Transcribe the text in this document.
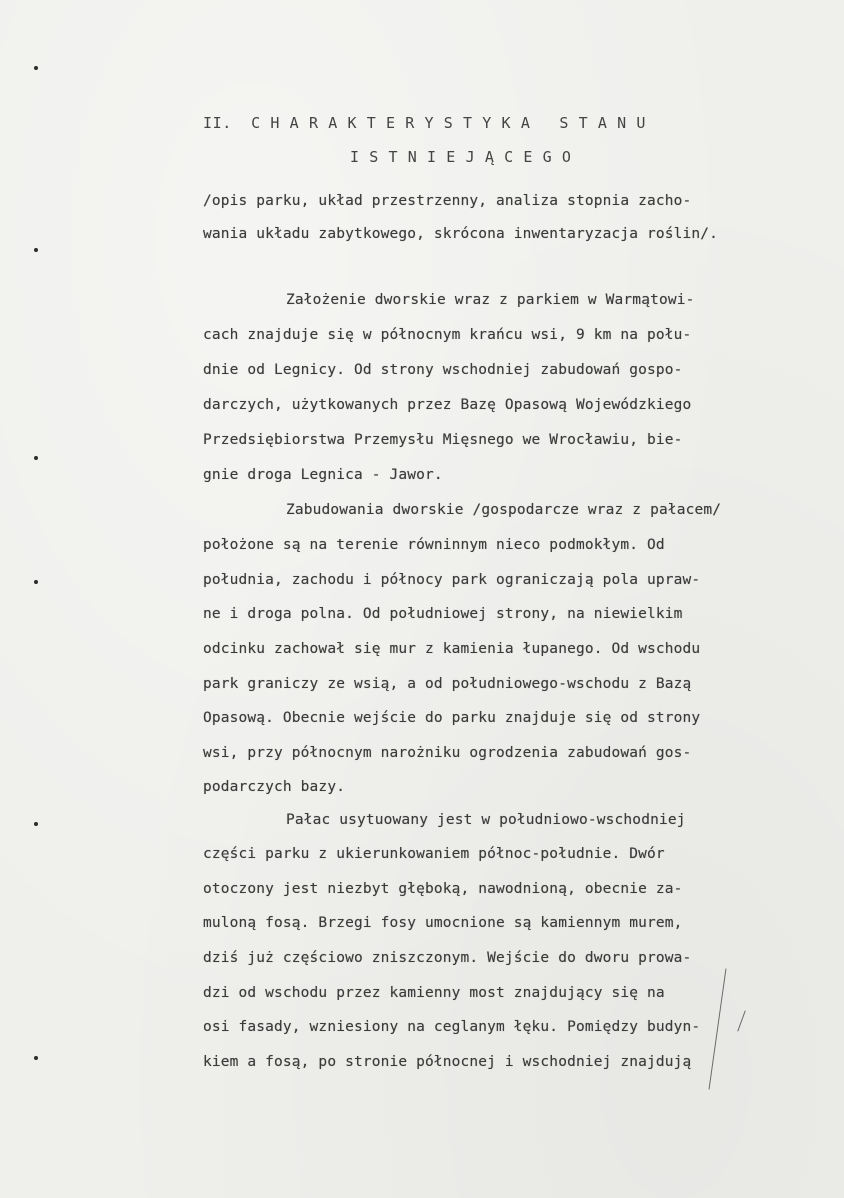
II.  C H A R A K T E R Y S T Y K A   S T A N U
I S T N I E J Ą C E G O
/opis parku, układ przestrzenny, analiza stopnia zacho-
wania układu zabytkowego, skrócona inwentaryzacja roślin/.
Założenie dworskie wraz z parkiem w Warmątowi-
cach znajduje się w północnym krańcu wsi, 9 km na połu-
dnie od Legnicy. Od strony wschodniej zabudowań gospo-
darczych, użytkowanych przez Bazę Opasową Wojewódzkiego
Przedsiębiorstwa Przemysłu Mięsnego we Wrocławiu, bie-
gnie droga Legnica - Jawor.
Zabudowania dworskie /gospodarcze wraz z pałacem/
położone są na terenie równinnym nieco podmokłym. Od
południa, zachodu i północy park ograniczają pola upraw-
ne i droga polna. Od południowej strony, na niewielkim
odcinku zachował się mur z kamienia łupanego. Od wschodu
park graniczy ze wsią, a od południowego-wschodu z Bazą
Opasową. Obecnie wejście do parku znajduje się od strony
wsi, przy północnym narożniku ogrodzenia zabudowań gos-
podarczych bazy.
Pałac usytuowany jest w południowo-wschodniej
części parku z ukierunkowaniem północ-południe. Dwór
otoczony jest niezbyt głęboką, nawodnioną, obecnie za-
muloną fosą. Brzegi fosy umocnione są kamiennym murem,
dziś już częściowo zniszczonym. Wejście do dworu prowa-
dzi od wschodu przez kamienny most znajdujący się na
osi fasady, wzniesiony na ceglanym łęku. Pomiędzy budyn-
kiem a fosą, po stronie północnej i wschodniej znajdują
